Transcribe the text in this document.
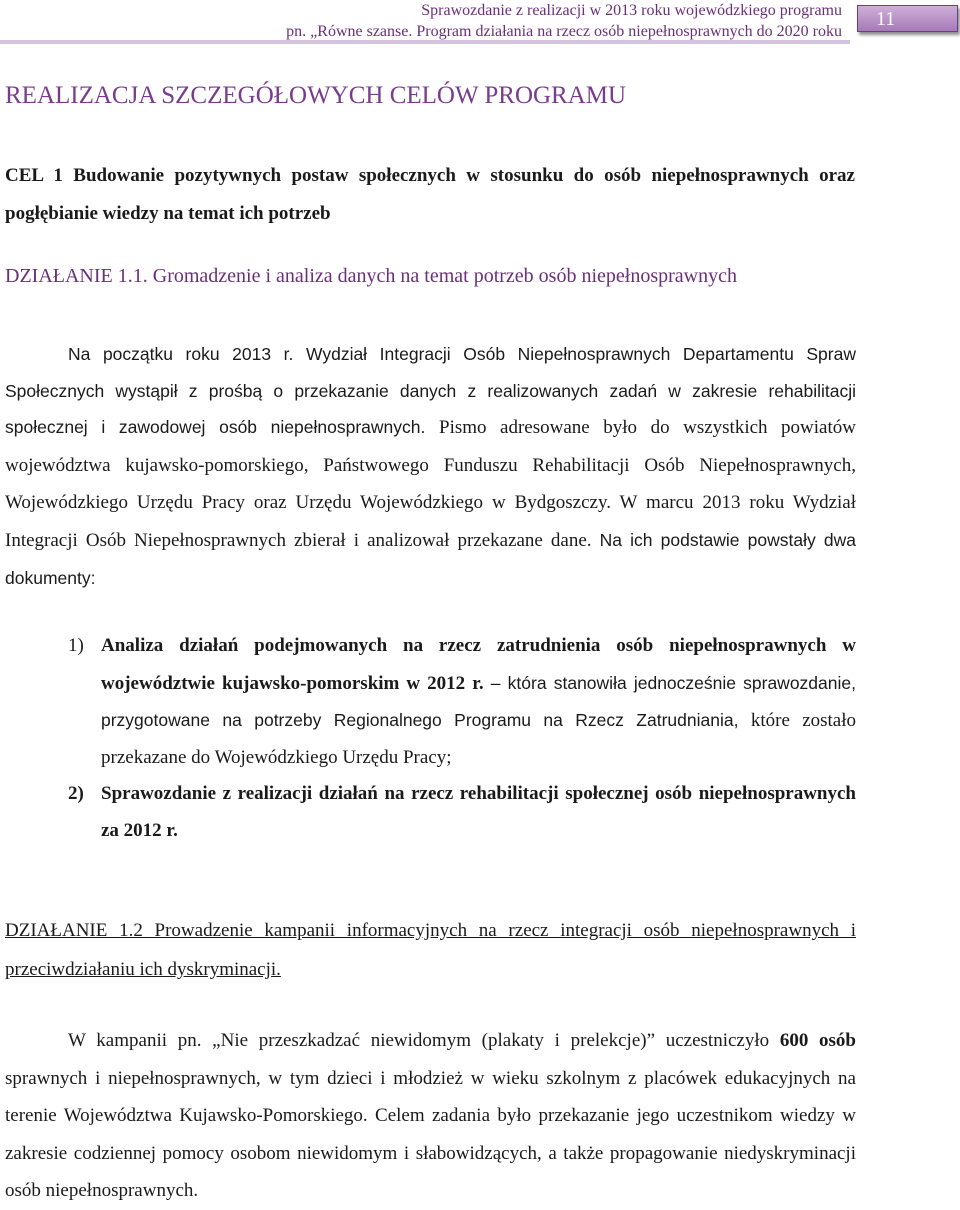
Sprawozdanie z realizacji w 2013 roku wojewódzkiego programu
pn. „Równe szanse. Program działania na rzecz osób niepełnosprawnych do 2020 roku
11
REALIZACJA SZCZEGÓŁOWYCH CELÓW PROGRAMU

CEL 1 Budowanie pozytywnych postaw społecznych w stosunku do osób niepełnosprawnych oraz pogłębianie wiedzy na temat ich potrzeb

DZIAŁANIE 1.1. Gromadzenie i analiza danych na temat potrzeb osób niepełnosprawnych

Na początku roku 2013 r. Wydział Integracji Osób Niepełnosprawnych Departamentu Spraw Społecznych wystąpił z prośbą o przekazanie danych z realizowanych zadań w zakresie rehabilitacji społecznej i zawodowej osób niepełnosprawnych. Pismo adresowane było do wszystkich powiatów województwa kujawsko-pomorskiego, Państwowego Funduszu Rehabilitacji Osób Niepełnosprawnych, Wojewódzkiego Urzędu Pracy oraz Urzędu Wojewódzkiego w Bydgoszczy. W marcu 2013 roku Wydział Integracji Osób Niepełnosprawnych zbierał i analizował przekazane dane. Na ich podstawie powstały dwa dokumenty:

1) Analiza działań podejmowanych na rzecz zatrudnienia osób niepełnosprawnych w województwie kujawsko-pomorskim w 2012 r. – która stanowiła jednocześnie sprawozdanie, przygotowane na potrzeby Regionalnego Programu na Rzecz Zatrudniania, które zostało przekazane do Wojewódzkiego Urzędu Pracy;
2) Sprawozdanie z realizacji działań na rzecz rehabilitacji społecznej osób niepełnosprawnych za 2012 r.

DZIAŁANIE 1.2 Prowadzenie kampanii informacyjnych na rzecz integracji osób niepełnosprawnych i przeciwdziałaniu ich dyskryminacji.

W kampanii pn. „Nie przeszkadzać niewidomym (plakaty i prelekcje)” uczestniczyło 600 osób sprawnych i niepełnosprawnych, w tym dzieci i młodzież w wieku szkolnym z placówek edukacyjnych na terenie Województwa Kujawsko-Pomorskiego. Celem zadania było przekazanie jego uczestnikom wiedzy w zakresie codziennej pomocy osobom niewidomym i słabowidzących, a także propagowanie niedyskryminacji osób niepełnosprawnych.
